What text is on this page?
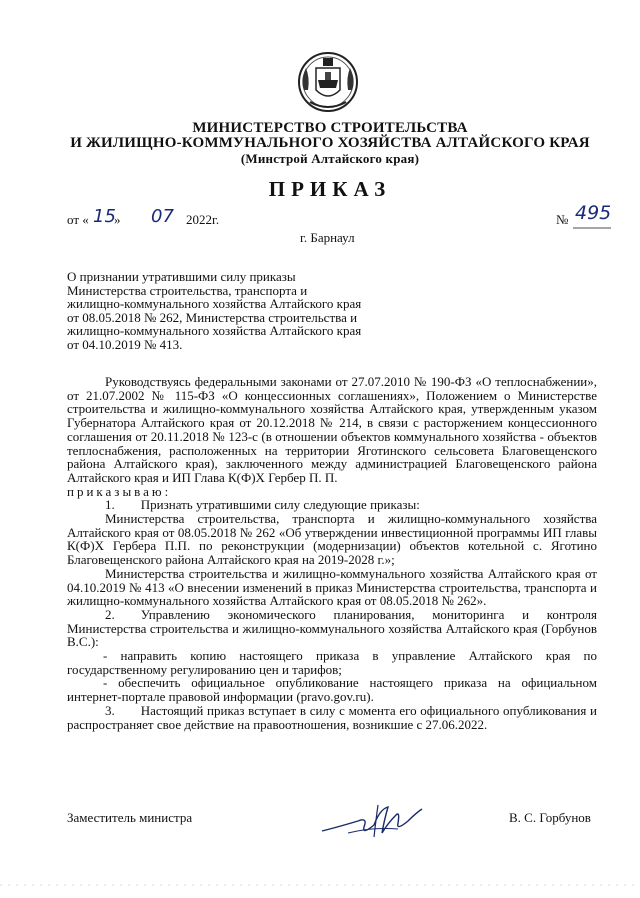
МИНИСТЕРСТВО СТРОИТЕЛЬСТВА
И ЖИЛИЩНО-КОММУНАЛЬНОГО ХОЗЯЙСТВА АЛТАЙСКОГО КРАЯ
(Минстрой Алтайского края)
ПРИКАЗ
от « 15
» 07 2022г.	№ 495
г. Барнаул
О признании утратившими силу приказы Министерства строительства, транспорта и жилищно-коммунального хозяйства Алтайского края от 08.05.2018 № 262, Министерства строительства и жилищно-коммунального хозяйства Алтайского края от 04.10.2019 № 413.

Руководствуясь федеральными законами от 27.07.2010 № 190-ФЗ «О теплоснабжении», от 21.07.2002 № 115-ФЗ «О концессионных соглашениях», Положением о Министерстве строительства и жилищно-коммунального хозяйства Алтайского края, утвержденным указом Губернатора Алтайского края от 20.12.2018 № 214, в связи с расторжением концессионного соглашения от 20.11.2018 № 123-с (в отношении объектов коммунального хозяйства - объектов теплоснабжения, расположенных на территории Яготинского сельсовета Благовещенского района Алтайского края), заключенного между администрацией Благовещенского района Алтайского края и ИП Глава К(Ф)Х Гербер П. П.

приказываю:

1.  Признать утратившими силу следующие приказы:

Министерства строительства, транспорта и жилищно-коммунального хозяйства Алтайского края от 08.05.2018 № 262 «Об утверждении инвестиционной программы ИП главы К(Ф)Х Гербера П.П. по реконструкции (модернизации) объектов котельной с. Яготино Благовещенского района Алтайского края на 2019-2028 г.»;

Министерства строительства и жилищно-коммунального хозяйства Алтайского края от 04.10.2019 № 413 «О внесении изменений в приказ Министерства строительства, транспорта и жилищно-коммунального хозяйства Алтайского края от 08.05.2018 № 262».

2.  Управлению экономического планирования, мониторинга и контроля Министерства строительства и жилищно-коммунального хозяйства Алтайского края (Горбунов В.С.):

- направить копию настоящего приказа в управление Алтайского края по государственному регулированию цен и тарифов;

- обеспечить официальное опубликование настоящего приказа на официальном интернет-портале правовой информации (pravo.gov.ru).

3.  Настоящий приказ вступает в силу с момента его официального опубликования и распространяет свое действие на правоотношения, возникшие с 27.06.2022.

Заместитель министра	В. С. Горбунов
